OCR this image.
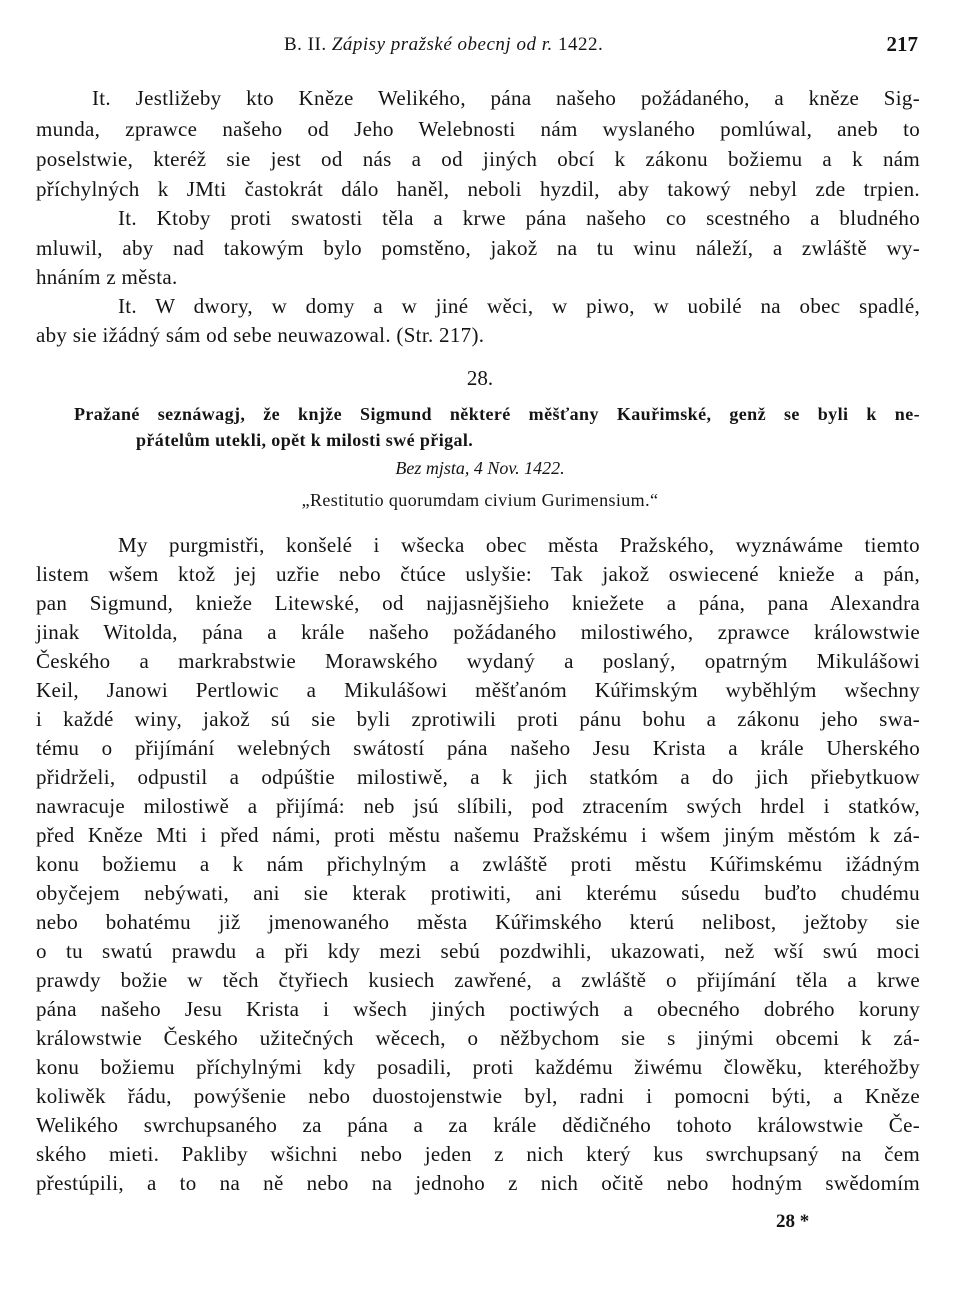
B. II. Zápisy pražské obecnj od r. 1422.	217
It. Jestližeby kto Kněze Welikého, pána našeho požádaného, a kněze Sig-
munda, zprawce našeho od Jeho Welebnosti nám wyslaného pomlúwal, aneb to
poselstwie, kteréž sie jest od nás a od jiných obcí k zákonu božiemu a k nám
příchylných k JMti častokrát dálo haněl, neboli hyzdil, aby takowý nebyl zde trpien.
It. Ktoby proti swatosti těla a krwe pána našeho co scestného a bludného
mluwil, aby nad takowým bylo pomstěno, jakož na tu winu náleží, a zwláště wy-
hnáním z města.
It. W dwory, w domy a w jiné wěci, w piwo, w uobilé na obec spadlé,
aby sie ižádný sám od sebe neuwazowal. (Str. 217).
28.
Pražané seznáwagj, že knjže Sigmund některé měšťany Kauřimské, genž se byli k ne-
přátelům utekli, opět k milosti swé přigal.
Bez mjsta, 4 Nov. 1422.
„Restitutio quorumdam civium Gurimensium.“
My purgmistři, konšelé i wšecka obec města Pražského, wyznáwáme tiemto
listem wšem ktož jej uzřie nebo čtúce uslyšie: Tak jakož oswiecené knieže a pán,
pan Sigmund, knieže Litewské, od najjasnějšieho kniežete a pána, pana Alexandra
jinak Witolda, pána a krále našeho požádaného milostiwého, zprawce králowstwie
Českého a markrabstwie Morawského wydaný a poslaný, opatrným Mikulášowi
Keil, Janowi Pertlowic a Mikulášowi měšťanóm Kúřimským wyběhlým wšechny
i každé winy, jakož sú sie byli zprotiwili proti pánu bohu a zákonu jeho swa-
tému o přijímání welebných swátostí pána našeho Jesu Krista a krále Uherského
přidrželi, odpustil a odpúštie milostiwě, a k jich statkóm a do jich přiebytkuow
nawracuje milostiwě a přijímá: neb jsú slíbili, pod ztracením swých hrdel i statków,
před Kněze Mti i před námi, proti městu našemu Pražskému i wšem jiným městóm k zá-
konu božiemu a k nám přichylným a zwláště proti městu Kúřimskému ižádným
obyčejem nebýwati, ani sie kterak protiwiti, ani kterému súsedu buďto chudému
nebo bohatému již jmenowaného města Kúřimského kterú nelibost, ježtoby sie
o tu swatú prawdu a při kdy mezi sebú pozdwihli, ukazowati, než wší swú moci
prawdy božie w těch čtyřiech kusiech zawřené, a zwláště o přijímání těla a krwe
pána našeho Jesu Krista i wšech jiných poctiwých a obecného dobrého koruny
králowstwie Českého užitečných wěcech, o něžbychom sie s jinými obcemi k zá-
konu božiemu příchylnými kdy posadili, proti každému žiwému člowěku, kteréhožby
koliwěk řádu, powýšenie nebo duostojenstwie byl, radni i pomocni býti, a Kněze
Welikého swrchupsaného za pána a za krále dědičného tohoto králowstwie Če-
ského mieti. Pakliby wšichni nebo jeden z nich který kus swrchupsaný na čem
přestúpili, a to na ně nebo na jednoho z nich očitě nebo hodným swědomím
28 *
